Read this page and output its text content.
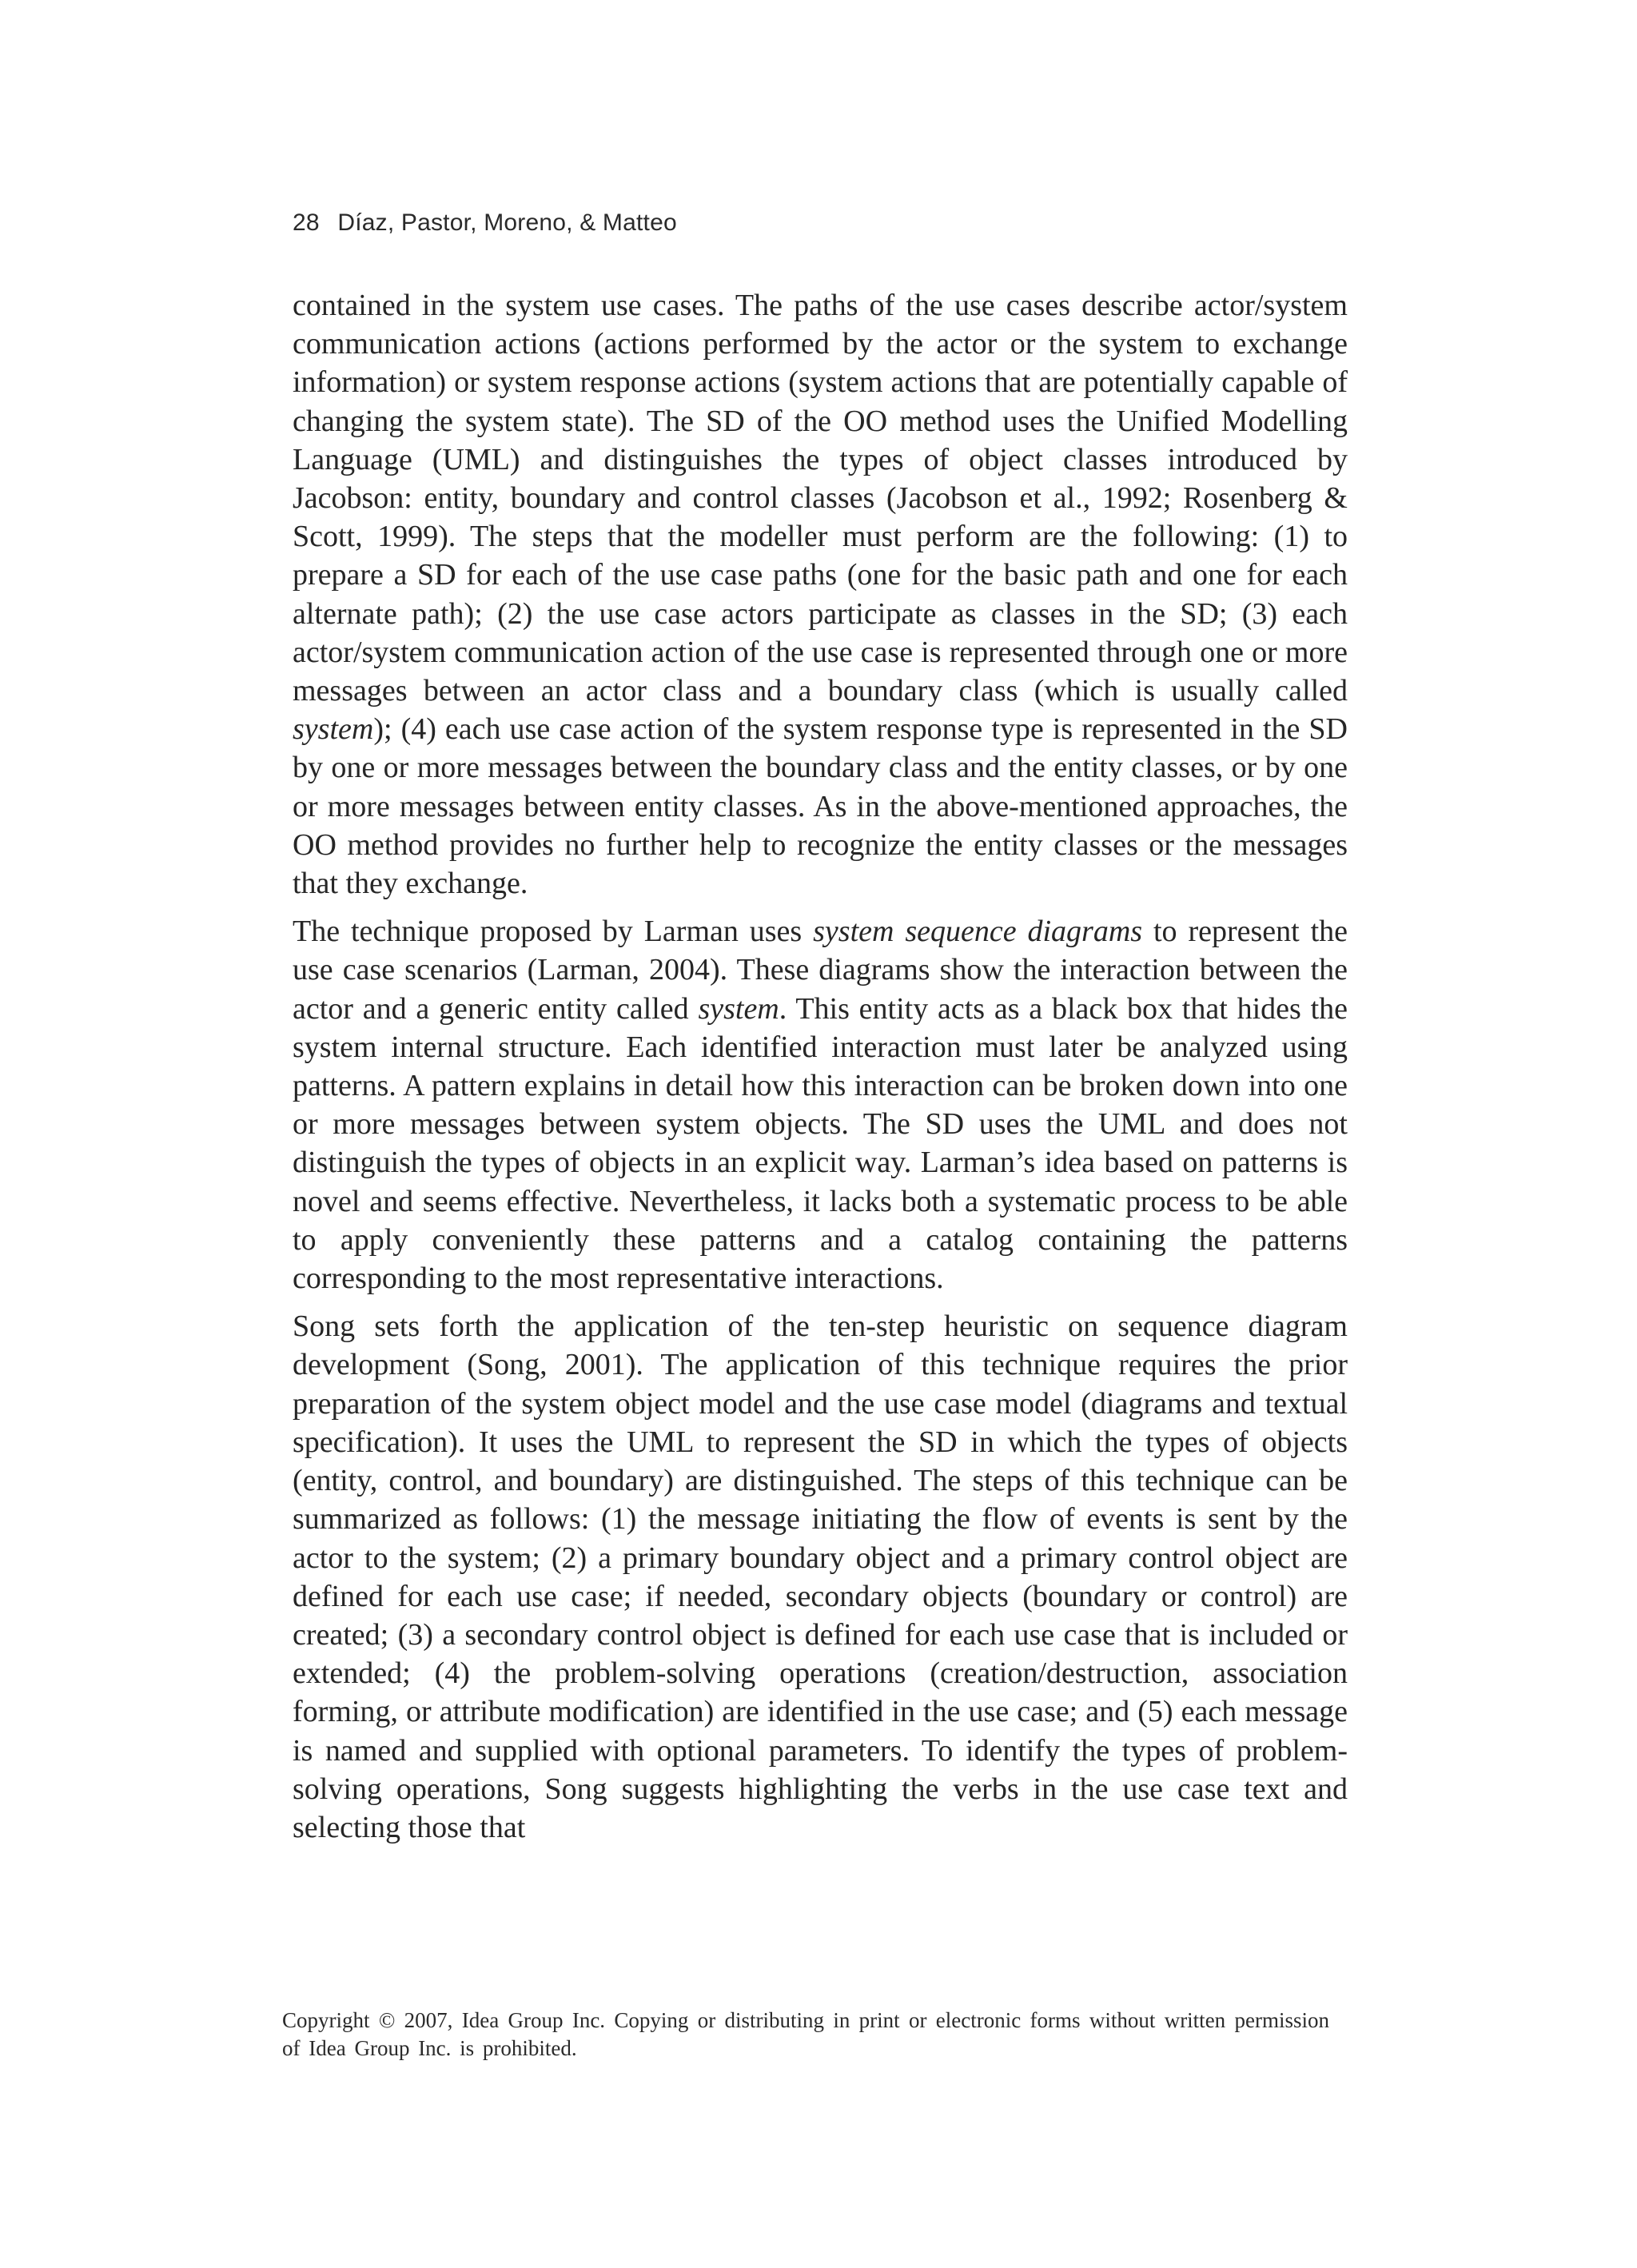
28 Díaz, Pastor, Moreno, & Matteo

contained in the system use cases. The paths of the use cases describe actor/system communication actions (actions performed by the actor or the system to exchange information) or system response actions (system actions that are potentially capable of changing the system state). The SD of the OO method uses the Unified Modelling Language (UML) and distinguishes the types of object classes introduced by Jacobson: entity, boundary and control classes (Jacobson et al., 1992; Rosenberg & Scott, 1999). The steps that the modeller must perform are the following: (1) to prepare a SD for each of the use case paths (one for the basic path and one for each alternate path); (2) the use case actors participate as classes in the SD; (3) each actor/system communication action of the use case is represented through one or more messages between an actor class and a boundary class (which is usually called system); (4) each use case action of the system response type is represented in the SD by one or more messages between the boundary class and the entity classes, or by one or more messages between entity classes. As in the above-mentioned approaches, the OO method provides no further help to recognize the entity classes or the messages that they exchange.

The technique proposed by Larman uses system sequence diagrams to represent the use case scenarios (Larman, 2004). These diagrams show the interaction between the actor and a generic entity called system. This entity acts as a black box that hides the system internal structure. Each identified interaction must later be analyzed using patterns. A pattern explains in detail how this interaction can be broken down into one or more messages between system objects. The SD uses the UML and does not distinguish the types of objects in an explicit way. Larman’s idea based on patterns is novel and seems effective. Nevertheless, it lacks both a systematic process to be able to apply conveniently these patterns and a catalog containing the patterns corresponding to the most representative interactions.

Song sets forth the application of the ten-step heuristic on sequence diagram development (Song, 2001). The application of this technique requires the prior preparation of the system object model and the use case model (diagrams and textual specification). It uses the UML to represent the SD in which the types of objects (entity, control, and boundary) are distinguished. The steps of this technique can be summarized as follows: (1) the message initiating the flow of events is sent by the actor to the system; (2) a primary boundary object and a primary control object are defined for each use case; if needed, secondary objects (boundary or control) are created; (3) a secondary control object is defined for each use case that is included or extended; (4) the problem-solving operations (creation/destruction, association forming, or attribute modification) are identified in the use case; and (5) each message is named and supplied with optional parameters. To identify the types of problem-solving operations, Song suggests highlighting the verbs in the use case text and selecting those that

Copyright © 2007, Idea Group Inc. Copying or distributing in print or electronic forms without written permission of Idea Group Inc. is prohibited.
